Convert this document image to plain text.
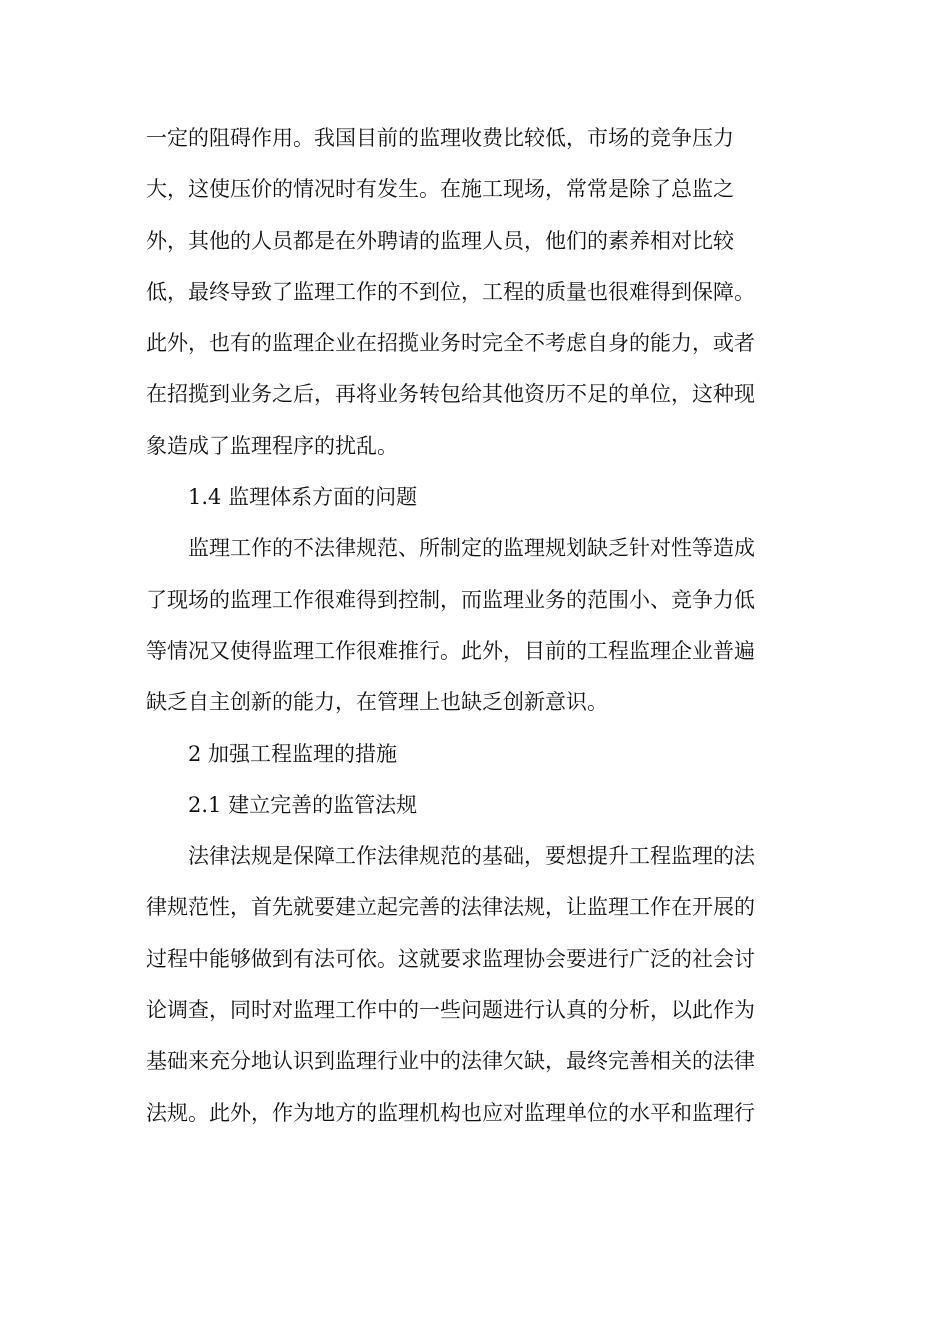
一定的阻碍作用。我国目前的监理收费比较低，市场的竞争压力
大，这使压价的情况时有发生。在施工现场，常常是除了总监之
外，其他的人员都是在外聘请的监理人员，他们的素养相对比较
低，最终导致了监理工作的不到位，工程的质量也很难得到保障。
此外，也有的监理企业在招揽业务时完全不考虑自身的能力，或者
在招揽到业务之后，再将业务转包给其他资历不足的单位，这种现
象造成了监理程序的扰乱。
1.4 监理体系方面的问题
监理工作的不法律规范、所制定的监理规划缺乏针对性等造成
了现场的监理工作很难得到控制，而监理业务的范围小、竞争力低
等情况又使得监理工作很难推行。此外，目前的工程监理企业普遍
缺乏自主创新的能力，在管理上也缺乏创新意识。
2 加强工程监理的措施
2.1 建立完善的监管法规
法律法规是保障工作法律规范的基础，要想提升工程监理的法
律规范性，首先就要建立起完善的法律法规，让监理工作在开展的
过程中能够做到有法可依。这就要求监理协会要进行广泛的社会讨
论调查，同时对监理工作中的一些问题进行认真的分析，以此作为
基础来充分地认识到监理行业中的法律欠缺，最终完善相关的法律
法规。此外，作为地方的监理机构也应对监理单位的水平和监理行
